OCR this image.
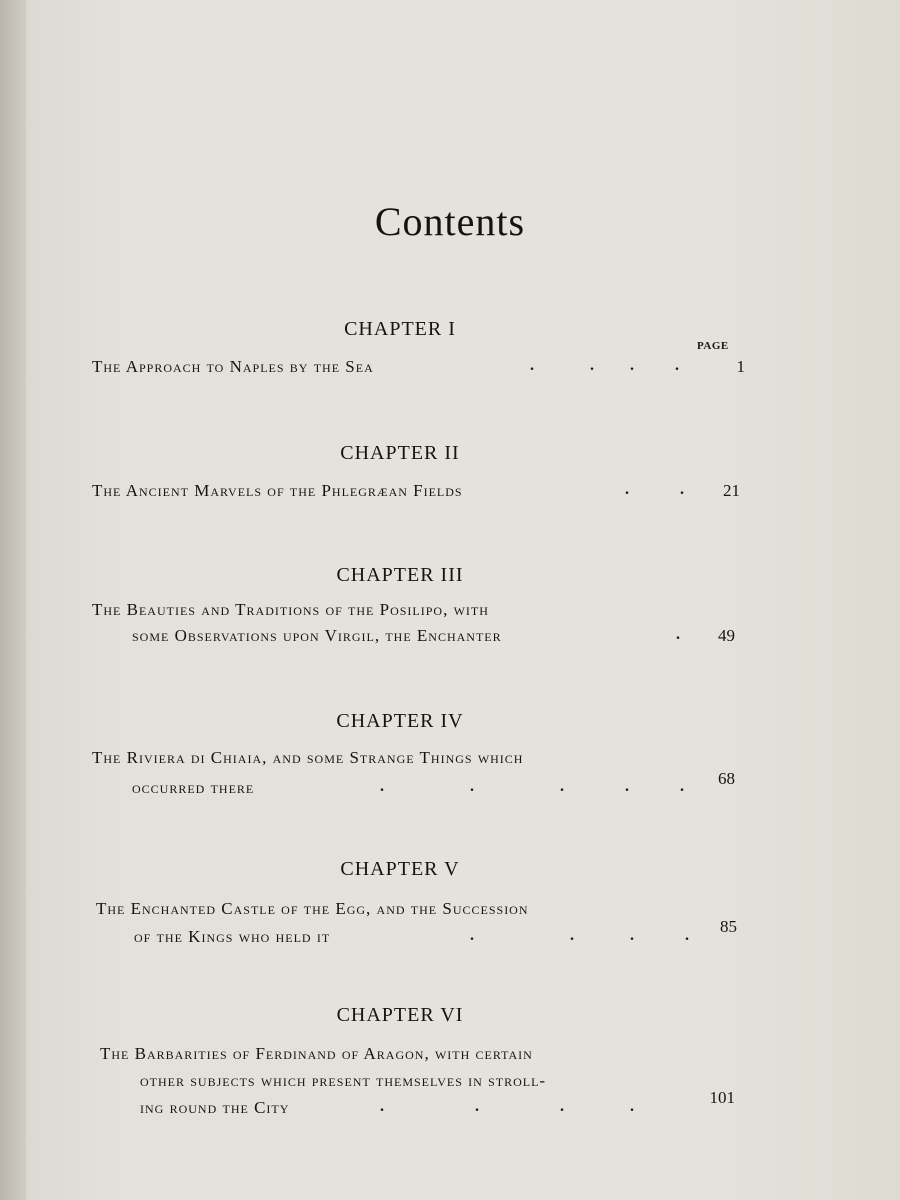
Contents
PAGE
CHAPTER I
The Approach to Naples by the Sea	.	. .	.	1
CHAPTER II
The Ancient Marvels of the Phlegræan Fields	.	.	21
CHAPTER III
The Beauties and Traditions of the Posilipo, with
some Observations upon Virgil, the Enchanter	.	49
CHAPTER IV
The Riviera di Chiaia, and some Strange Things which
occurred there	.	.	.	.	.	68
CHAPTER V
The Enchanted Castle of the Egg, and the Succession
of the Kings who held it	.	.	.	.	85
CHAPTER VI
The Barbarities of Ferdinand of Aragon, with certain
other subjects which present themselves in stroll-
ing round the City	.	.	.	.	101
